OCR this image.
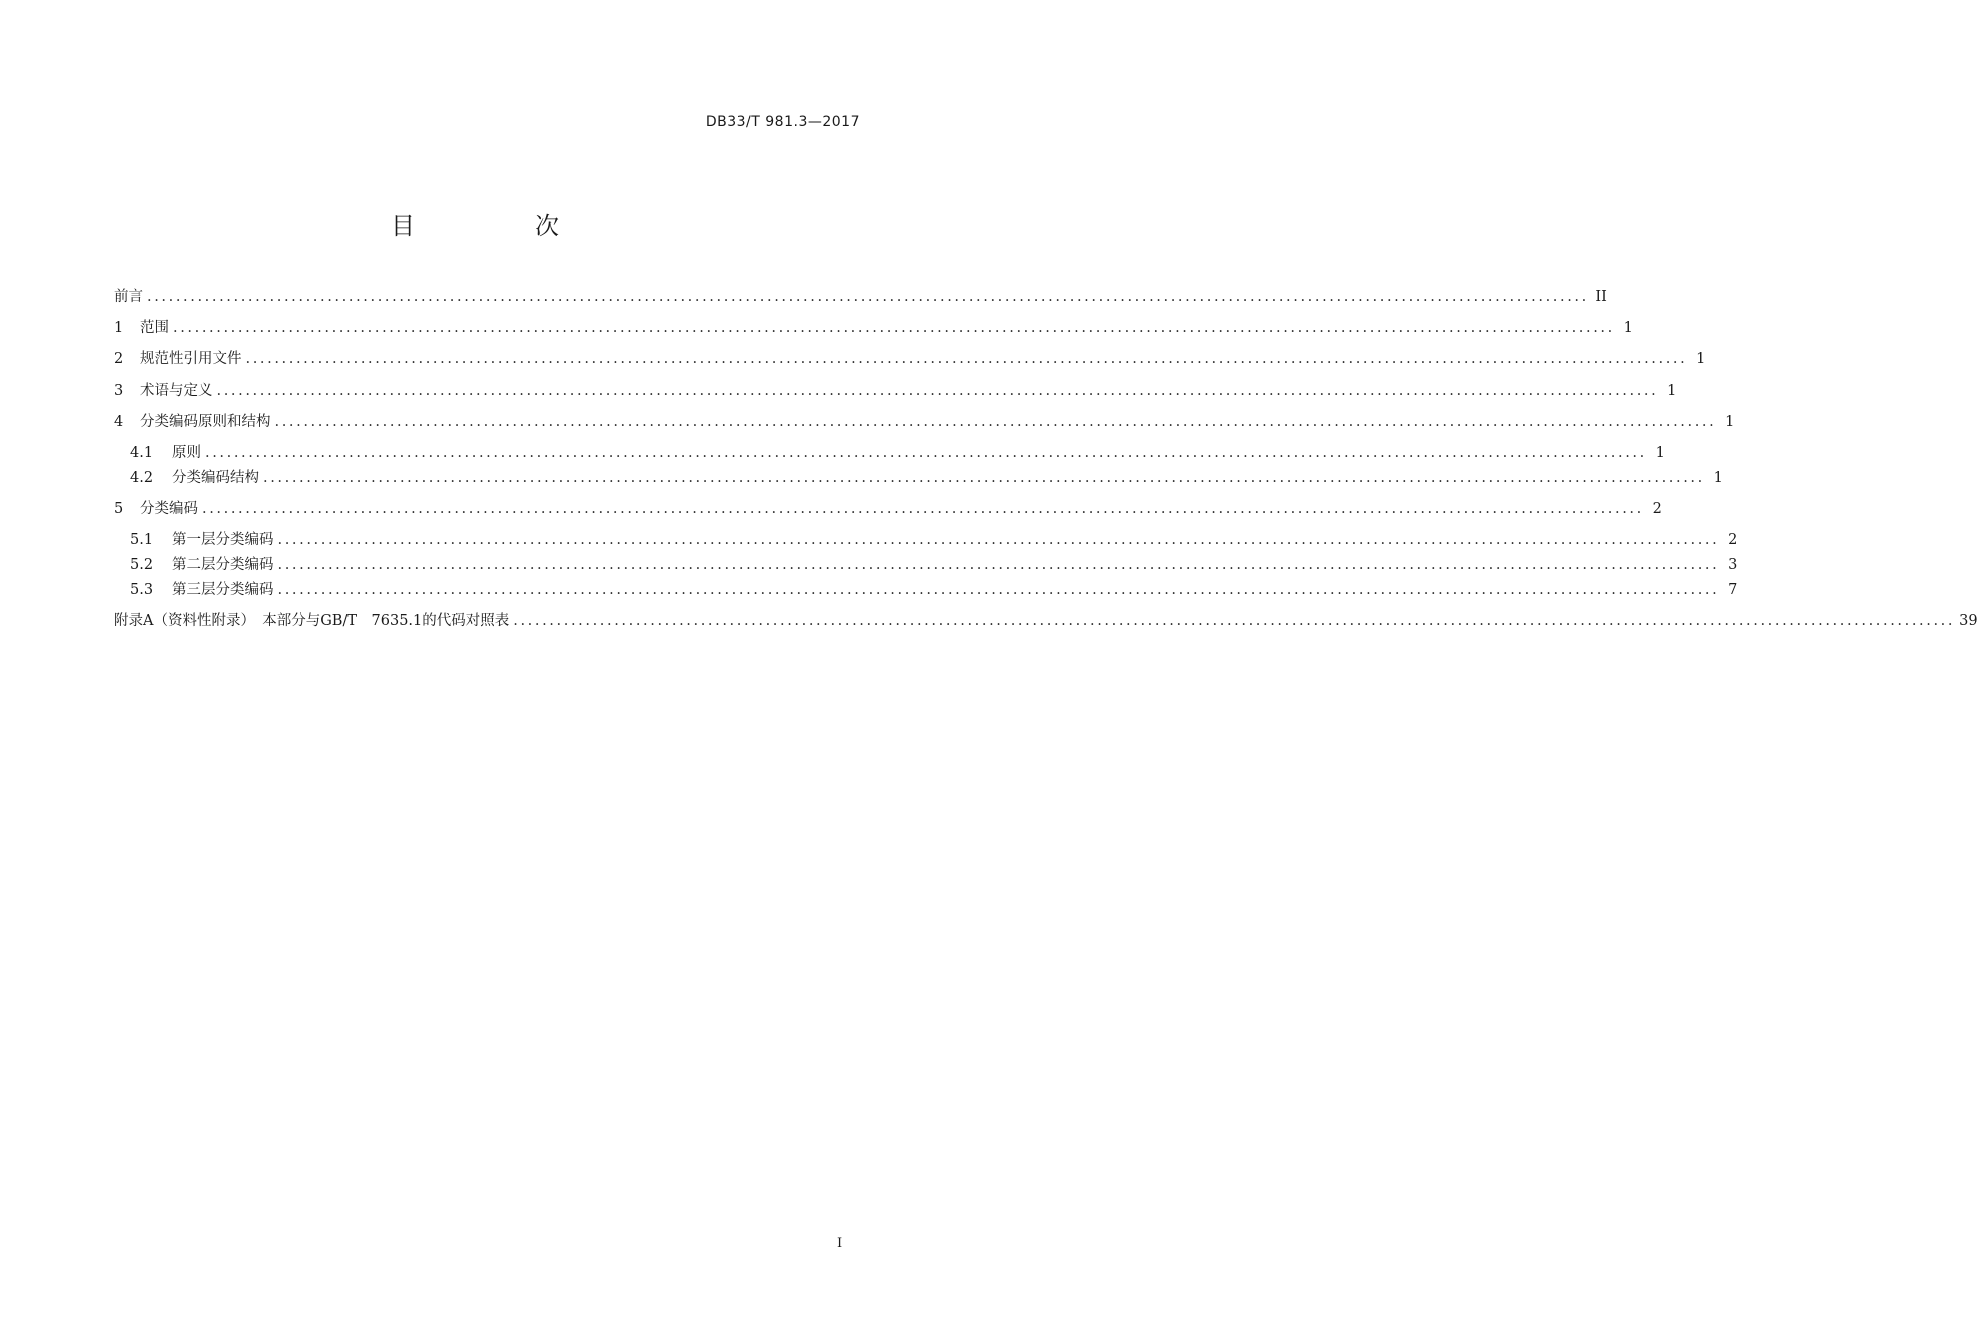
DB33/T 981.3—2017
目　次
前言 ........................................................................................................................................................................................................ II
1	范围 ........................................................................................................................................................................................................ 1
2	规范性引用文件 ........................................................................................................................................................................................................ 1
3	术语与定义 ........................................................................................................................................................................................................ 1
4	分类编码原则和结构 ........................................................................................................................................................................................................ 1
4.1	原则 ........................................................................................................................................................................................................ 1
4.2	分类编码结构 ........................................................................................................................................................................................................ 1
5	分类编码 ........................................................................................................................................................................................................ 2
5.1	第一层分类编码 ........................................................................................................................................................................................................ 2
5.2	第二层分类编码 ........................................................................................................................................................................................................ 3
5.3	第三层分类编码 ........................................................................................................................................................................................................ 7
附录A（资料性附录）　本部分与GB/T　7635.1的代码对照表 ........................................................................................................................................................................................................ 39
I
